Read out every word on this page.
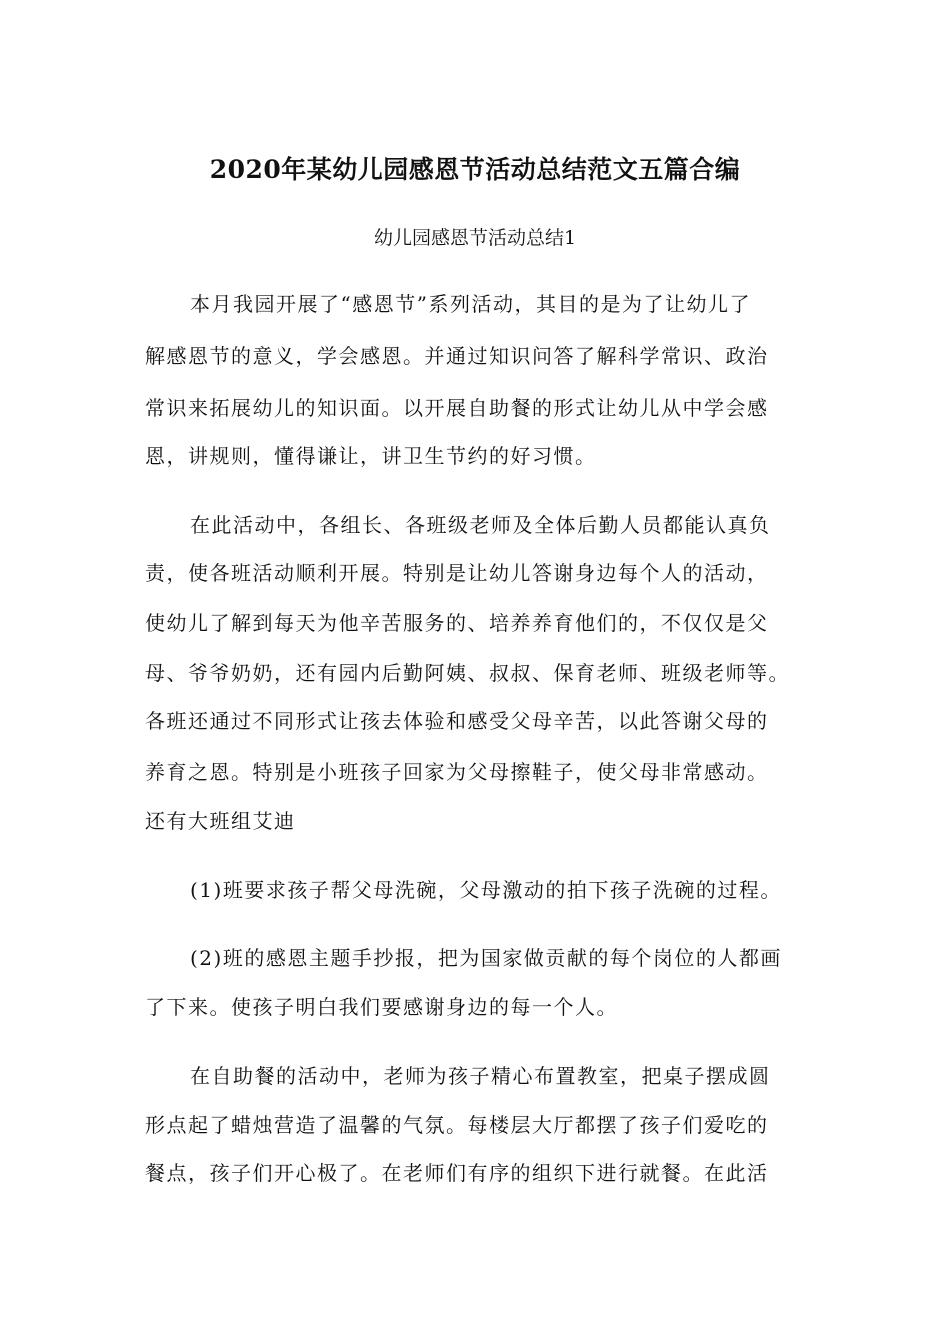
2020年某幼儿园感恩节活动总结范文五篇合编
幼儿园感恩节活动总结1
本月我园开展了“感恩节”系列活动，其目的是为了让幼儿了
解感恩节的意义，学会感恩。并通过知识问答了解科学常识、政治
常识来拓展幼儿的知识面。以开展自助餐的形式让幼儿从中学会感
恩，讲规则，懂得谦让，讲卫生节约的好习惯。
在此活动中，各组长、各班级老师及全体后勤人员都能认真负
责，使各班活动顺利开展。特别是让幼儿答谢身边每个人的活动，
使幼儿了解到每天为他辛苦服务的、培养养育他们的，不仅仅是父
母、爷爷奶奶，还有园内后勤阿姨、叔叔、保育老师、班级老师等。
各班还通过不同形式让孩去体验和感受父母辛苦，以此答谢父母的
养育之恩。特别是小班孩子回家为父母擦鞋子，使父母非常感动。
还有大班组艾迪
(1)班要求孩子帮父母洗碗，父母激动的拍下孩子洗碗的过程。
(2)班的感恩主题手抄报，把为国家做贡献的每个岗位的人都画
了下来。使孩子明白我们要感谢身边的每一个人。
在自助餐的活动中，老师为孩子精心布置教室，把桌子摆成圆
形点起了蜡烛营造了温馨的气氛。每楼层大厅都摆了孩子们爱吃的
餐点，孩子们开心极了。在老师们有序的组织下进行就餐。在此活
